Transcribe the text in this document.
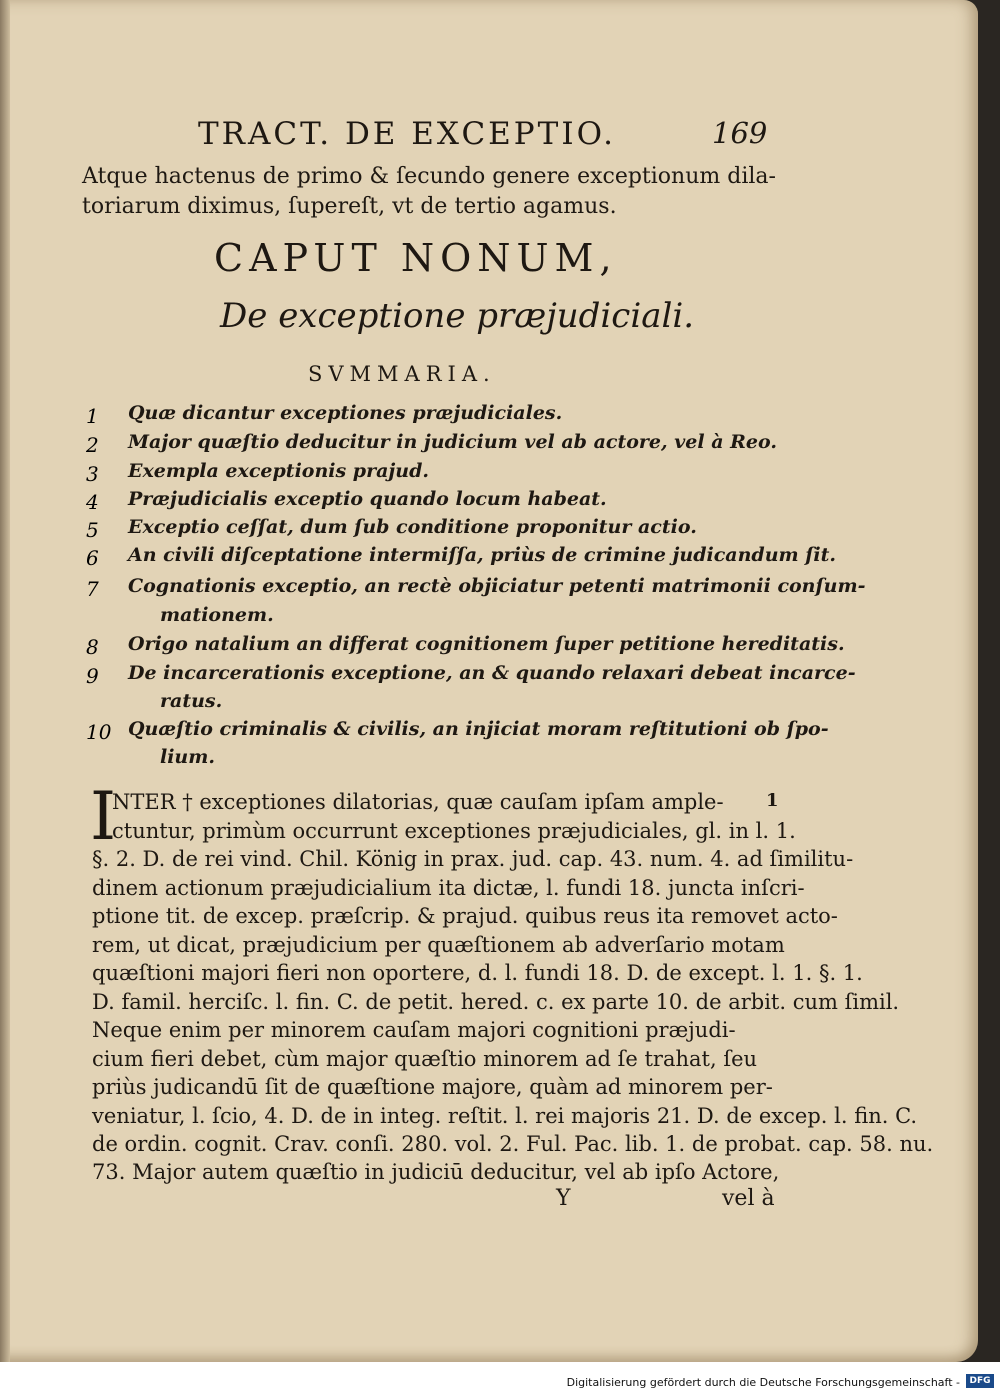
TRACT. DE EXCEPTIO.	169
Atque hactenus de primo & ſecundo genere exceptionum dila-
toriarum diximus, ſupereſt, vt de tertio agamus.
CAPUT NONUM,
De exceptione præjudiciali.
SVMMARIA.
1 Quæ dicantur exceptiones præjudiciales.
2 Major quæſtio deducitur in judicium vel ab actore, vel à Reo.
3 Exempla exceptionis prajud.
4 Præjudicialis exceptio quando locum habeat.
5 Exceptio ceſſat, dum ſub conditione proponitur actio.
6 An civili diſceptatione intermiſſa, priùs de crimine judicandum ſit.
7 Cognationis exceptio, an rectè objiciatur petenti matrimonii conſum-
mationem.
8 Origo natalium an differat cognitionem ſuper petitione hereditatis.
9 De incarcerationis exceptione, an & quando relaxari debeat incarce-
ratus.
10 Quæſtio criminalis & civilis, an injiciat moram reſtitutioni ob ſpo-
lium.
I	1
NTER † exceptiones dilatorias, quæ cauſam ipſam ample-
ctuntur, primùm occurrunt exceptiones præjudiciales, gl. in l. 1.
§. 2. D. de rei vind. Chil. König in prax. jud. cap. 43. num. 4. ad ſimilitu-
dinem actionum præjudicialium ita dictæ, l. fundi 18. juncta inſcri-
ptione tit. de excep. præſcrip. & prajud. quibus reus ita removet acto-
rem, ut dicat, præjudicium per quæſtionem ab adverſario motam
quæſtioni majori fieri non oportere, d. l. fundi 18. D. de except. l. 1. §. 1.
D. famil. herciſc. l. fin. C. de petit. hered. c. ex parte 10. de arbit. cum ſimil.
Neque enim per minorem cauſam majori cognitioni præjudi-
cium fieri debet, cùm major quæſtio minorem ad ſe trahat, ſeu
priùs judicandū ſit de quæſtione majore, quàm ad minorem per-
veniatur, l. ſcio, 4. D. de in integ. reſtit. l. rei majoris 21. D. de excep. l. fin. C.
de ordin. cognit. Crav. conſi. 280. vol. 2. Ful. Pac. lib. 1. de probat. cap. 58. nu.
73. Major autem quæſtio in judiciū deducitur, vel ab ipſo Actore,
Y	vel à
Digitalisierung gefördert durch die Deutsche Forschungsgemeinschaft -	DFG
